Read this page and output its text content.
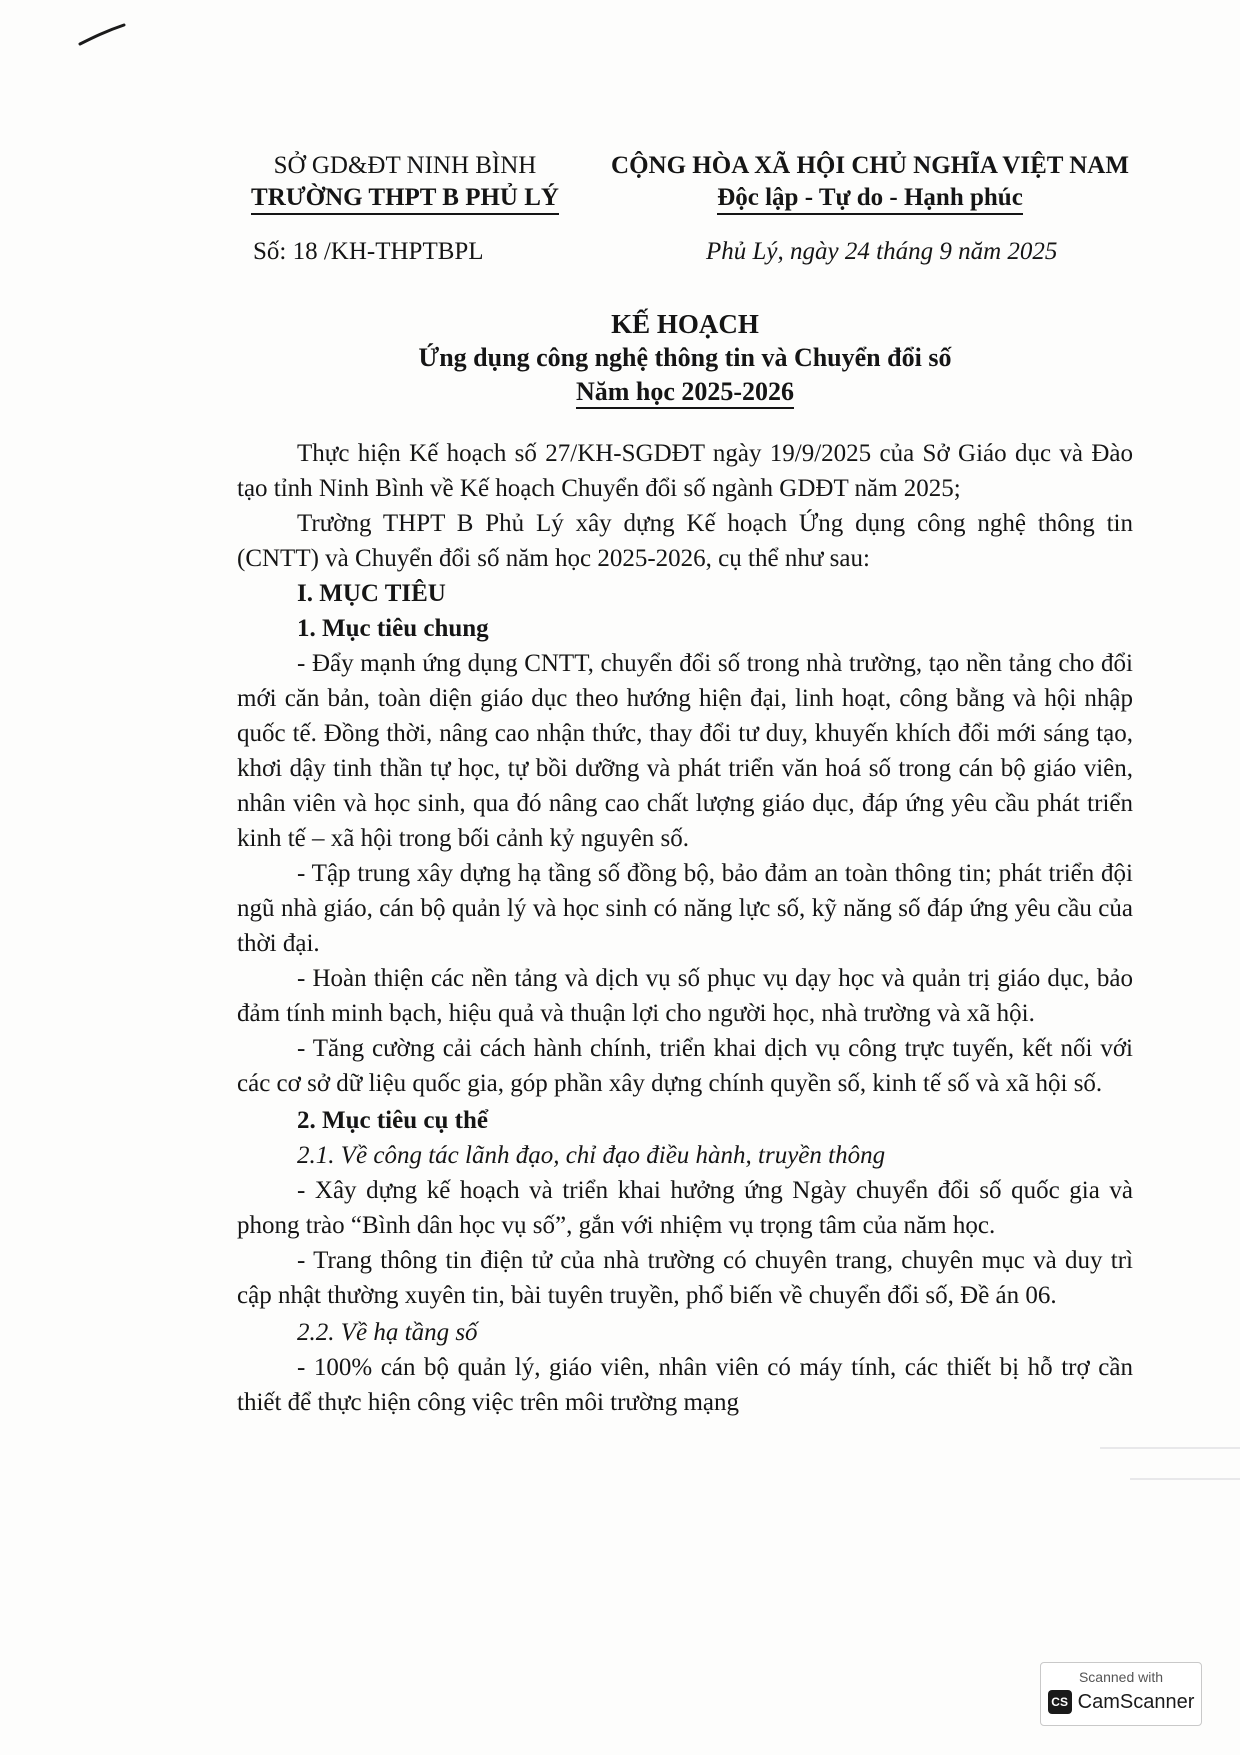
SỞ GD&ĐT NINH BÌNH
TRƯỜNG THPT B PHỦ LÝ
CỘNG HÒA XÃ HỘI CHỦ NGHĨA VIỆT NAM
Độc lập - Tự do - Hạnh phúc
Số: 18 /KH-THPTBPL	Phủ Lý, ngày 24 tháng 9 năm 2025
KẾ HOẠCH
Ứng dụng công nghệ thông tin và Chuyển đổi số
Năm học 2025-2026

Thực hiện Kế hoạch số 27/KH-SGDĐT ngày 19/9/2025 của Sở Giáo dục và Đào tạo tỉnh Ninh Bình về Kế hoạch Chuyển đổi số ngành GDĐT năm 2025;

Trường THPT B Phủ Lý xây dựng Kế hoạch Ứng dụng công nghệ thông tin (CNTT) và Chuyển đổi số năm học 2025-2026, cụ thể như sau:

I. MỤC TIÊU

1. Mục tiêu chung

- Đẩy mạnh ứng dụng CNTT, chuyển đổi số trong nhà trường, tạo nền tảng cho đổi mới căn bản, toàn diện giáo dục theo hướng hiện đại, linh hoạt, công bằng và hội nhập quốc tế. Đồng thời, nâng cao nhận thức, thay đổi tư duy, khuyến khích đổi mới sáng tạo, khơi dậy tinh thần tự học, tự bồi dưỡng và phát triển văn hoá số trong cán bộ giáo viên, nhân viên và học sinh, qua đó nâng cao chất lượng giáo dục, đáp ứng yêu cầu phát triển kinh tế – xã hội trong bối cảnh kỷ nguyên số.

- Tập trung xây dựng hạ tầng số đồng bộ, bảo đảm an toàn thông tin; phát triển đội ngũ nhà giáo, cán bộ quản lý và học sinh có năng lực số, kỹ năng số đáp ứng yêu cầu của thời đại.

- Hoàn thiện các nền tảng và dịch vụ số phục vụ dạy học và quản trị giáo dục, bảo đảm tính minh bạch, hiệu quả và thuận lợi cho người học, nhà trường và xã hội.

- Tăng cường cải cách hành chính, triển khai dịch vụ công trực tuyến, kết nối với các cơ sở dữ liệu quốc gia, góp phần xây dựng chính quyền số, kinh tế số và xã hội số.

2. Mục tiêu cụ thể

2.1. Về công tác lãnh đạo, chỉ đạo điều hành, truyền thông

- Xây dựng kế hoạch và triển khai hưởng ứng Ngày chuyển đổi số quốc gia và phong trào “Bình dân học vụ số”, gắn với nhiệm vụ trọng tâm của năm học.

- Trang thông tin điện tử của nhà trường có chuyên trang, chuyên mục và duy trì cập nhật thường xuyên tin, bài tuyên truyền, phổ biến về chuyển đổi số, Đề án 06.

2.2. Về hạ tầng số

- 100% cán bộ quản lý, giáo viên, nhân viên có máy tính, các thiết bị hỗ trợ cần thiết để thực hiện công việc trên môi trường mạng

Scanned with
CS CamScanner
